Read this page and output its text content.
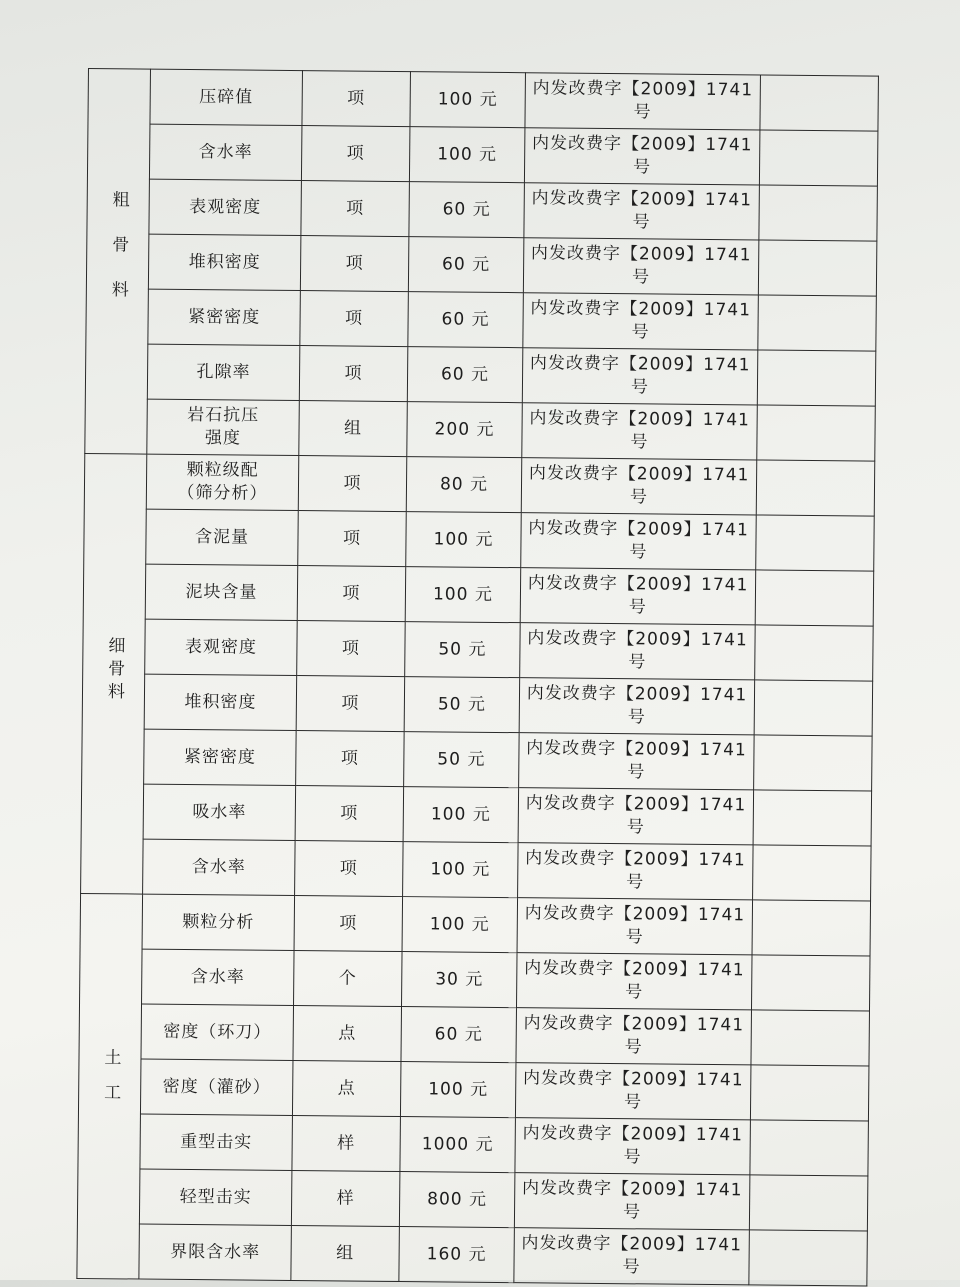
粗骨料	压碎值	项	100 元	内发改费字【2009】1741 号	
	含水率	项	100 元	内发改费字【2009】1741 号	
	表观密度	项	60 元	内发改费字【2009】1741 号	
	堆积密度	项	60 元	内发改费字【2009】1741 号	
	紧密密度	项	60 元	内发改费字【2009】1741 号	
	孔隙率	项	60 元	内发改费字【2009】1741 号	
	岩石抗压
强度	组	200 元	内发改费字【2009】1741 号	
细骨料	颗粒级配
（筛分析）	项	80 元	内发改费字【2009】1741 号	
	含泥量	项	100 元	内发改费字【2009】1741 号	
	泥块含量	项	100 元	内发改费字【2009】1741 号	
	表观密度	项	50 元	内发改费字【2009】1741 号	
	堆积密度	项	50 元	内发改费字【2009】1741 号	
	紧密密度	项	50 元	内发改费字【2009】1741 号	
	吸水率	项	100 元	内发改费字【2009】1741 号	
	含水率	项	100 元	内发改费字【2009】1741 号	
土工	颗粒分析	项	100 元	内发改费字【2009】1741 号	
	含水率	个	30 元	内发改费字【2009】1741 号	
	密度（环刀）	点	60 元	内发改费字【2009】1741 号	
	密度（灌砂）	点	100 元	内发改费字【2009】1741 号	
	重型击实	样	1000 元	内发改费字【2009】1741 号	
	轻型击实	样	800 元	内发改费字【2009】1741 号	
	界限含水率	组	160 元	内发改费字【2009】1741 号	
